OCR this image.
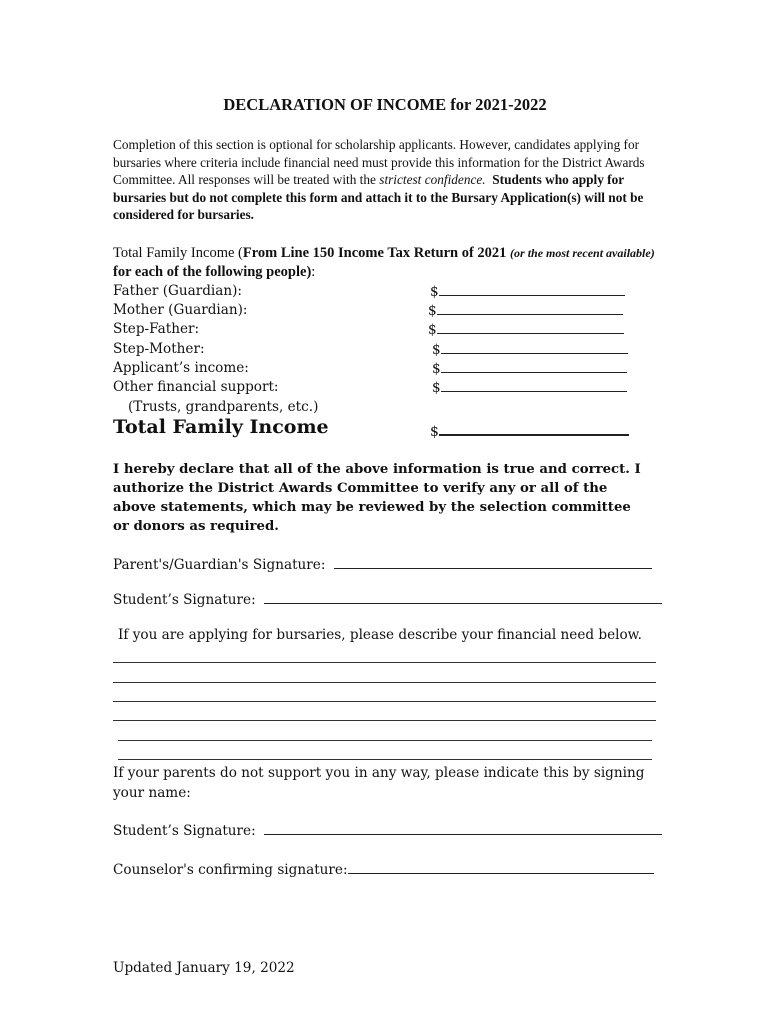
DECLARATION OF INCOME for 2021-2022
Completion of this section is optional for scholarship applicants. However, candidates applying for bursaries where criteria include financial need must provide this information for the District Awards Committee. All responses will be treated with the strictest confidence. Students who apply for bursaries but do not complete this form and attach it to the Bursary Application(s) will not be considered for bursaries.
Total Family Income (From Line 150 Income Tax Return of 2021 (or the most recent available) for each of the following people):
Father (Guardian):	$
Mother (Guardian):	$
Step-Father:	$
Step-Mother:	$
Applicant’s income:	$
Other financial support:	$
(Trusts, grandparents, etc.)
Total Family Income	$
I hereby declare that all of the above information is true and correct. I authorize the District Awards Committee to verify any or all of the above statements, which may be reviewed by the selection committee or donors as required.
Parent's/Guardian's Signature:
Student’s Signature:
If you are applying for bursaries, please describe your financial need below.
If your parents do not support you in any way, please indicate this by signing your name:
Student’s Signature:
Counselor's confirming signature:
Updated January 19, 2022
